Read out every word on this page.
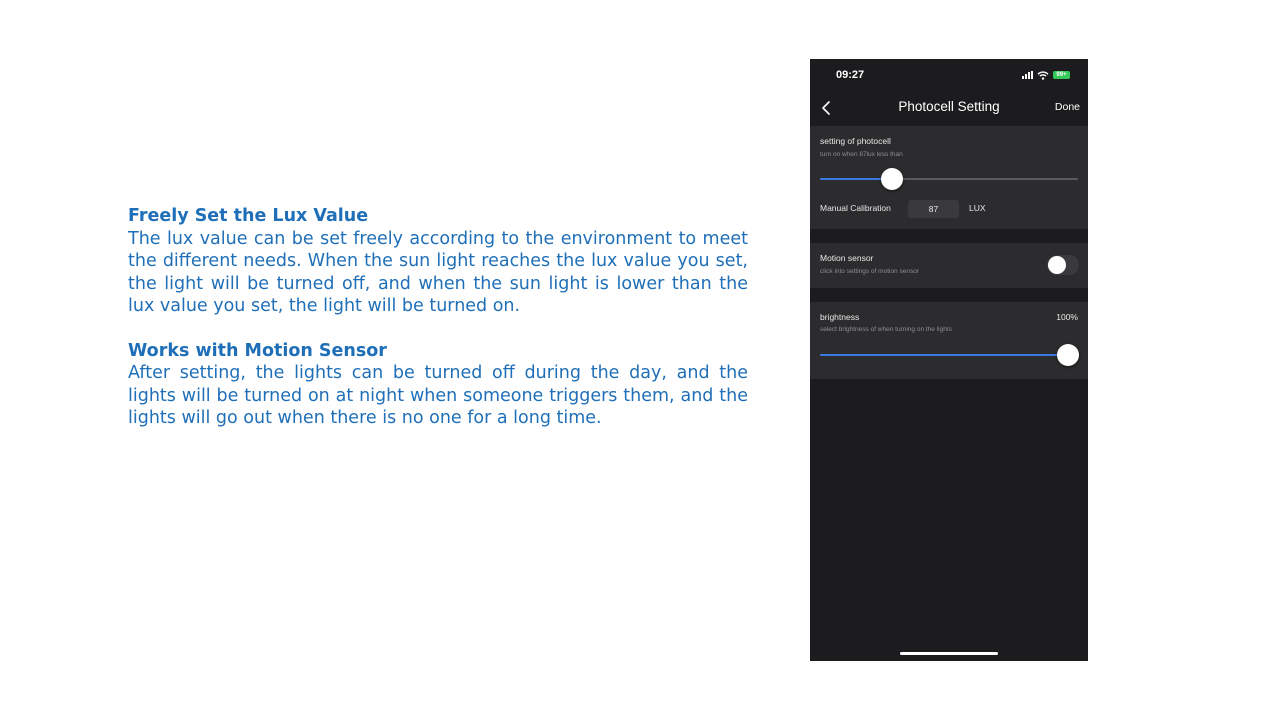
Freely Set the Lux Value
The lux value can be set freely according to the environment to meet the different needs. When the sun light reaches the lux value you set, the light will be turned off, and when the sun light is lower than the lux value you set, the light will be turned on.
Works with Motion Sensor
After setting, the lights can be turned off during the day, and the lights will be turned on at night when someone triggers them, and the lights will go out when there is no one for a long time.
09:27	99+
Photocell Setting	Done
setting of photocell
turn on when 87lux less than
Manual Calibration
87	LUX
Motion sensor
click into settings of motion sensor
brightness	100%
select brightness of when turning on the lights
